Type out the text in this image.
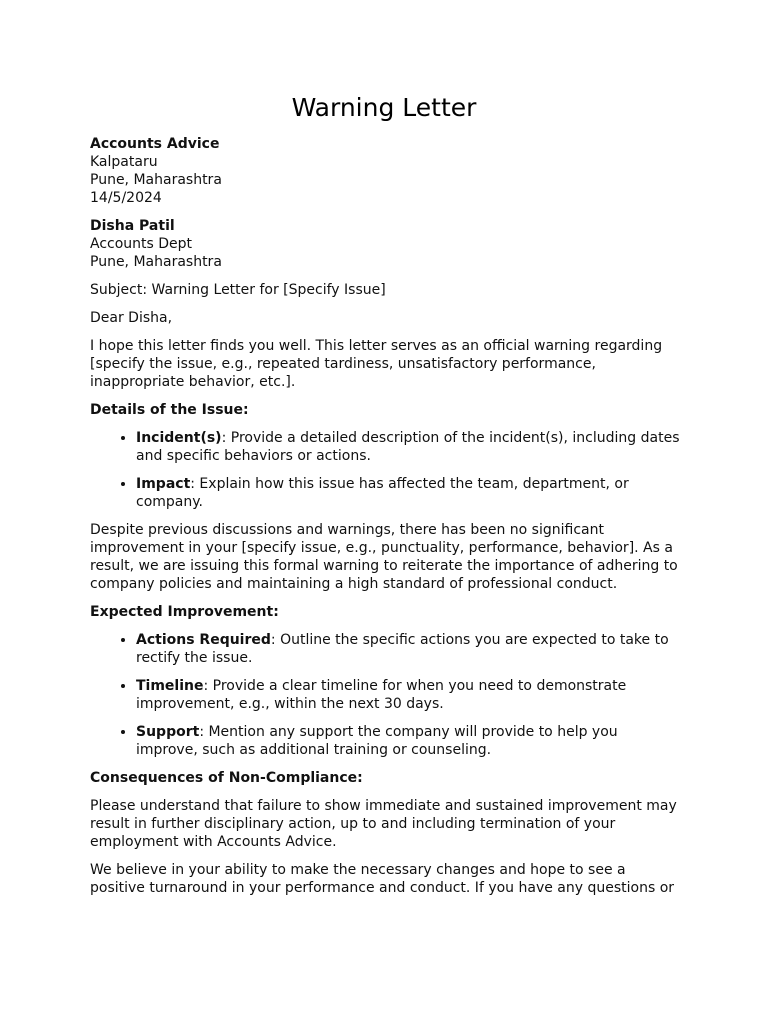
Warning Letter
Accounts Advice
Kalpataru
Pune, Maharashtra
14/5/2024
Disha Patil
Accounts Dept
Pune, Maharashtra

Subject: Warning Letter for [Specify Issue]

Dear Disha,

I hope this letter finds you well. This letter serves as an official warning regarding [specify the issue, e.g., repeated tardiness, unsatisfactory performance, inappropriate behavior, etc.].

Details of the Issue:

• Incident(s): Provide a detailed description of the incident(s), including dates and specific behaviors or actions.
• Impact: Explain how this issue has affected the team, department, or company.

Despite previous discussions and warnings, there has been no significant improvement in your [specify issue, e.g., punctuality, performance, behavior]. As a result, we are issuing this formal warning to reiterate the importance of adhering to company policies and maintaining a high standard of professional conduct.

Expected Improvement:

• Actions Required: Outline the specific actions you are expected to take to rectify the issue.
• Timeline: Provide a clear timeline for when you need to demonstrate improvement, e.g., within the next 30 days.
• Support: Mention any support the company will provide to help you improve, such as additional training or counseling.

Consequences of Non-Compliance:

Please understand that failure to show immediate and sustained improvement may result in further disciplinary action, up to and including termination of your employment with Accounts Advice.

We believe in your ability to make the necessary changes and hope to see a positive turnaround in your performance and conduct. If you have any questions or
